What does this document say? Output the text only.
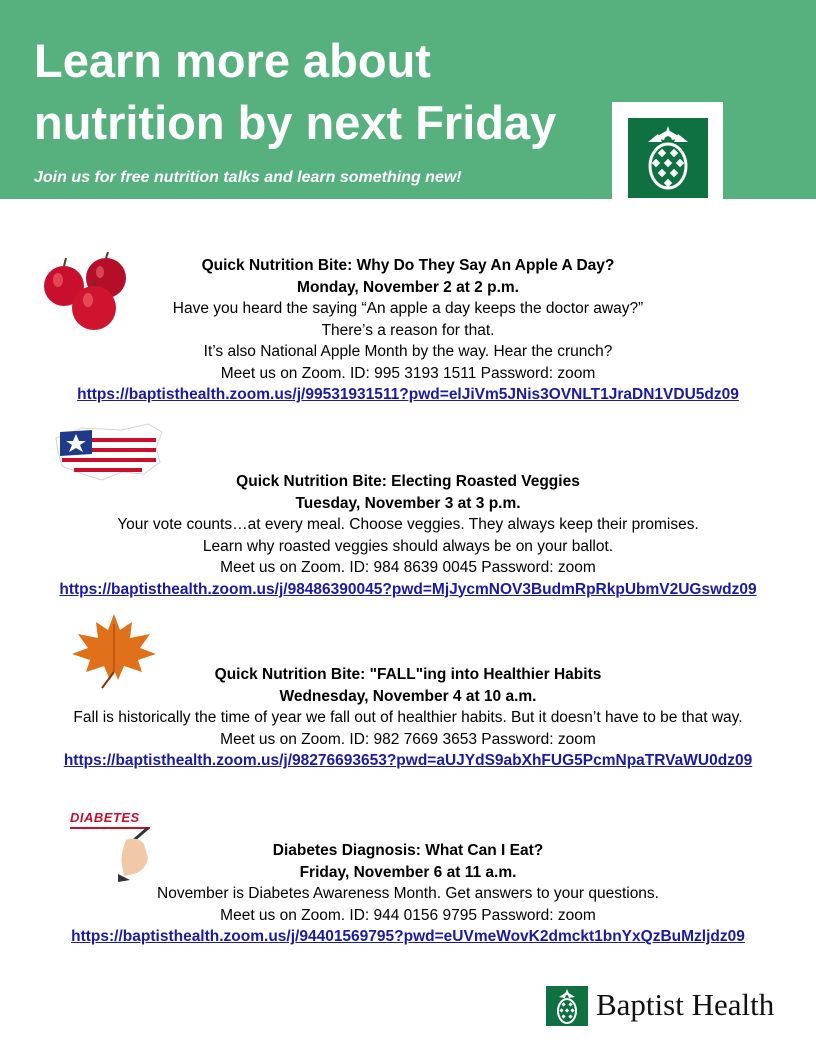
Learn more about
nutrition by next Friday
Join us for free nutrition talks and learn something new!
Quick Nutrition Bite: Why Do They Say An Apple A Day?
Monday, November 2 at 2 p.m.
Have you heard the saying “An apple a day keeps the doctor away?”
There’s a reason for that.
It’s also National Apple Month by the way. Hear the crunch?
Meet us on Zoom. ID: 995 3193 1511 Password: zoom
https://baptisthealth.zoom.us/j/99531931511?pwd=elJiVm5JNis3OVNLT1JraDN1VDU5dz09
Quick Nutrition Bite: Electing Roasted Veggies
Tuesday, November 3 at 3 p.m.
Your vote counts…at every meal. Choose veggies. They always keep their promises.
Learn why roasted veggies should always be on your ballot.
Meet us on Zoom. ID: 984 8639 0045 Password: zoom
https://baptisthealth.zoom.us/j/98486390045?pwd=MjJycmNOV3BudmRpRkpUbmV2UGswdz09
Quick Nutrition Bite: "FALL"ing into Healthier Habits
Wednesday, November 4 at 10 a.m.
Fall is historically the time of year we fall out of healthier habits. But it doesn’t have to be that way.
Meet us on Zoom. ID: 982 7669 3653 Password: zoom
https://baptisthealth.zoom.us/j/98276693653?pwd=aUJYdS9abXhFUG5PcmNpaTRVaWU0dz09
DIABETES
Diabetes Diagnosis: What Can I Eat?
Friday, November 6 at 11 a.m.
November is Diabetes Awareness Month. Get answers to your questions.
Meet us on Zoom. ID: 944 0156 9795 Password: zoom
https://baptisthealth.zoom.us/j/94401569795?pwd=eUVmeWovK2dmckt1bnYxQzBuMzljdz09
Baptist Health
